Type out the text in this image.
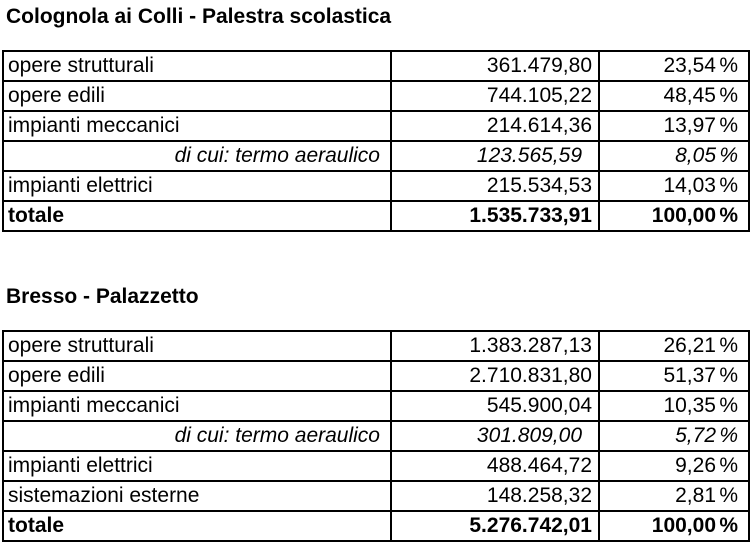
Colognola ai Colli - Palestra scolastica
opere strutturali	361.479,80	23,54 %
opere edili	744.105,22	48,45 %
impianti meccanici	214.614,36	13,97 %
di cui: termo aeraulico	123.565,59	8,05 %
impianti elettrici	215.534,53	14,03 %
totale	1.535.733,91	100,00 %
Bresso - Palazzetto
opere strutturali	1.383.287,13	26,21 %
opere edili	2.710.831,80	51,37 %
impianti meccanici	545.900,04	10,35 %
di cui: termo aeraulico	301.809,00	5,72 %
impianti elettrici	488.464,72	9,26 %
sistemazioni esterne	148.258,32	2,81 %
totale	5.276.742,01	100,00 %
